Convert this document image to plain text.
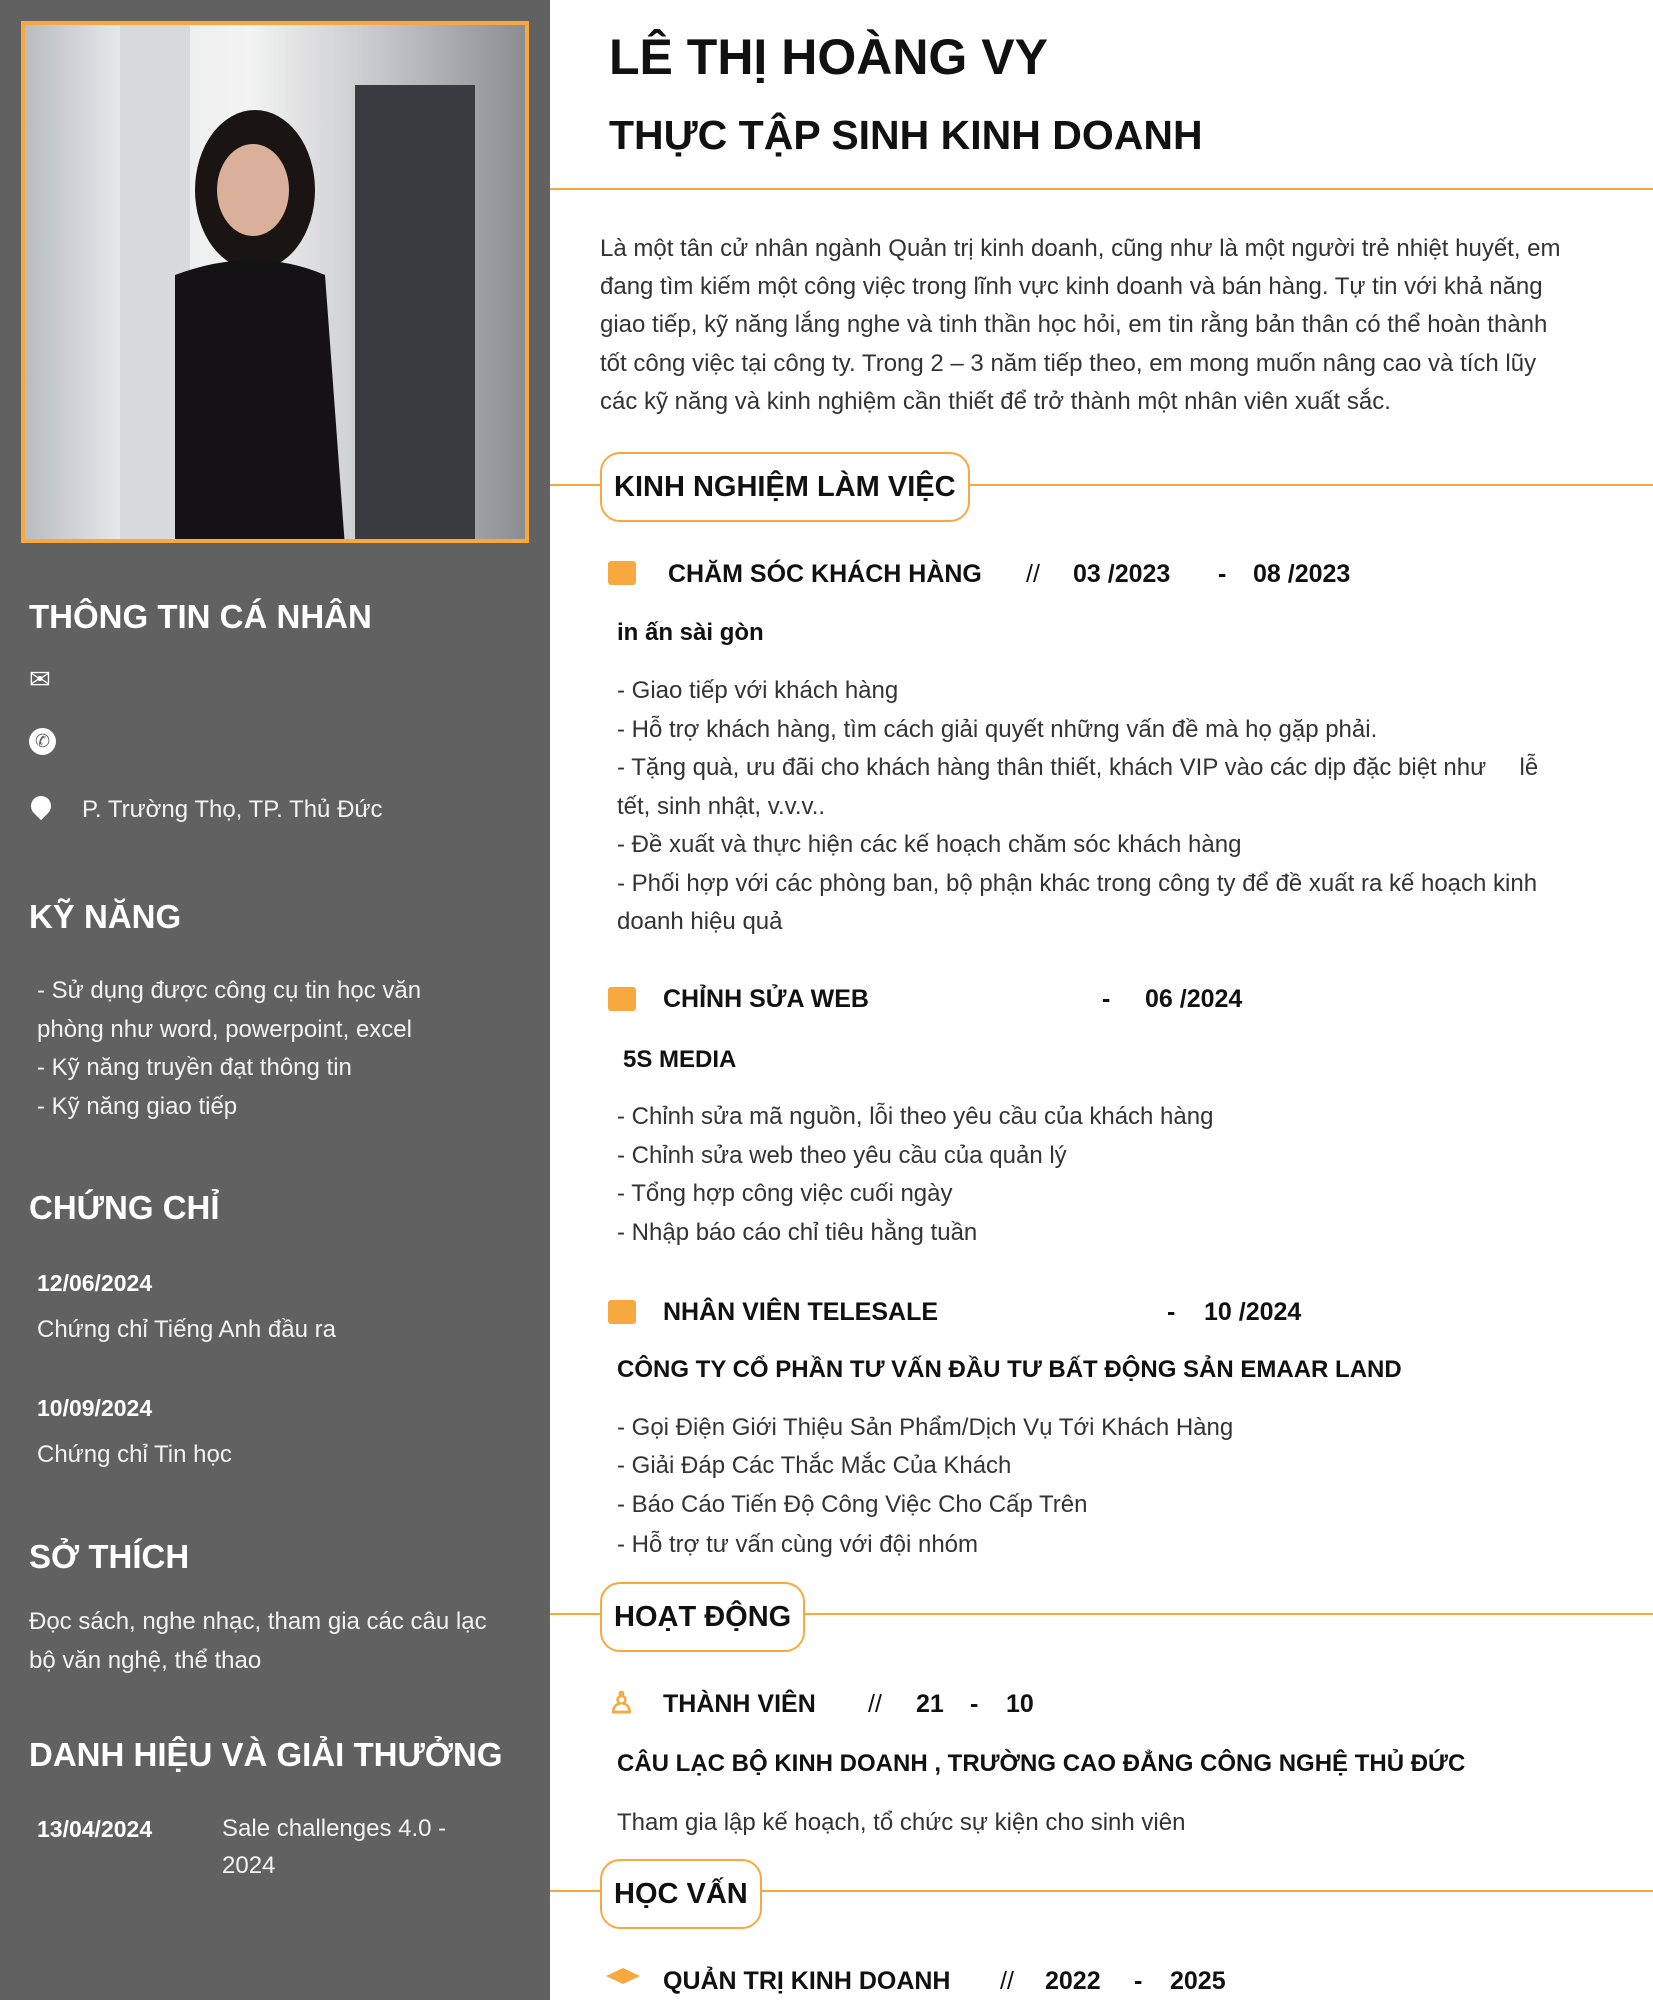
THÔNG TIN CÁ NHÂN
✉
✆
P. Trường Thọ, TP. Thủ Đức
KỸ NĂNG
- Sử dụng được công cụ tin học văn
phòng như word, powerpoint, excel
- Kỹ năng truyền đạt thông tin
- Kỹ năng giao tiếp
CHỨNG CHỈ
12/06/2024
Chứng chỉ Tiếng Anh đầu ra
10/09/2024
Chứng chỉ Tin học
SỞ THÍCH
Đọc sách, nghe nhạc, tham gia các câu lạc
bộ văn nghệ, thể thao
DANH HIỆU VÀ GIẢI THƯỞNG
13/04/2024	Sale challenges 4.0 -
2024
LÊ THỊ HOÀNG VY
THỰC TẬP SINH KINH DOANH
Là một tân cử nhân ngành Quản trị kinh doanh, cũng như là một người trẻ nhiệt huyết, em
đang tìm kiếm một công việc trong lĩnh vực kinh doanh và bán hàng. Tự tin với khả năng
giao tiếp, kỹ năng lắng nghe và tinh thần học hỏi, em tin rằng bản thân có thể hoàn thành
tốt công việc tại công ty. Trong 2 – 3 năm tiếp theo, em mong muốn nâng cao và tích lũy
các kỹ năng và kinh nghiệm cần thiết để trở thành một nhân viên xuất sắc.
KINH NGHIỆM LÀM VIỆC
CHĂM SÓC KHÁCH HÀNG // 03 /2023 - 08 /2023
in ấn sài gòn
- Giao tiếp với khách hàng
- Hỗ trợ khách hàng, tìm cách giải quyết những vấn đề mà họ gặp phải.
- Tặng quà, ưu đãi cho khách hàng thân thiết, khách VIP vào các dịp đặc biệt như     lễ
tết, sinh nhật, v.v.v..
- Đề xuất và thực hiện các kế hoạch chăm sóc khách hàng
- Phối hợp với các phòng ban, bộ phận khác trong công ty để đề xuất ra kế hoạch kinh
doanh hiệu quả
CHỈNH SỬA WEB	- 06 /2024
5S MEDIA
- Chỉnh sửa mã nguồn, lỗi theo yêu cầu của khách hàng
- Chỉnh sửa web theo yêu cầu của quản lý
- Tổng hợp công việc cuối ngày
- Nhập báo cáo chỉ tiêu hằng tuần
NHÂN VIÊN TELESALE	- 10 /2024
CÔNG TY CỔ PHẦN TƯ VẤN ĐẦU TƯ BẤT ĐỘNG SẢN EMAAR LAND
- Gọi Điện Giới Thiệu Sản Phẩm/Dịch Vụ Tới Khách Hàng
- Giải Đáp Các Thắc Mắc Của Khách
- Báo Cáo Tiến Độ Công Việc Cho Cấp Trên
- Hỗ trợ tư vấn cùng với đội nhóm
HOẠT ĐỘNG
♙ THÀNH VIÊN // 21 - 10
CÂU LẠC BỘ KINH DOANH , TRƯỜNG CAO ĐẲNG CÔNG NGHỆ THỦ ĐỨC
Tham gia lập kế hoạch, tổ chức sự kiện cho sinh viên
HỌC VẤN
QUẢN TRỊ KINH DOANH // 2022 - 2025
